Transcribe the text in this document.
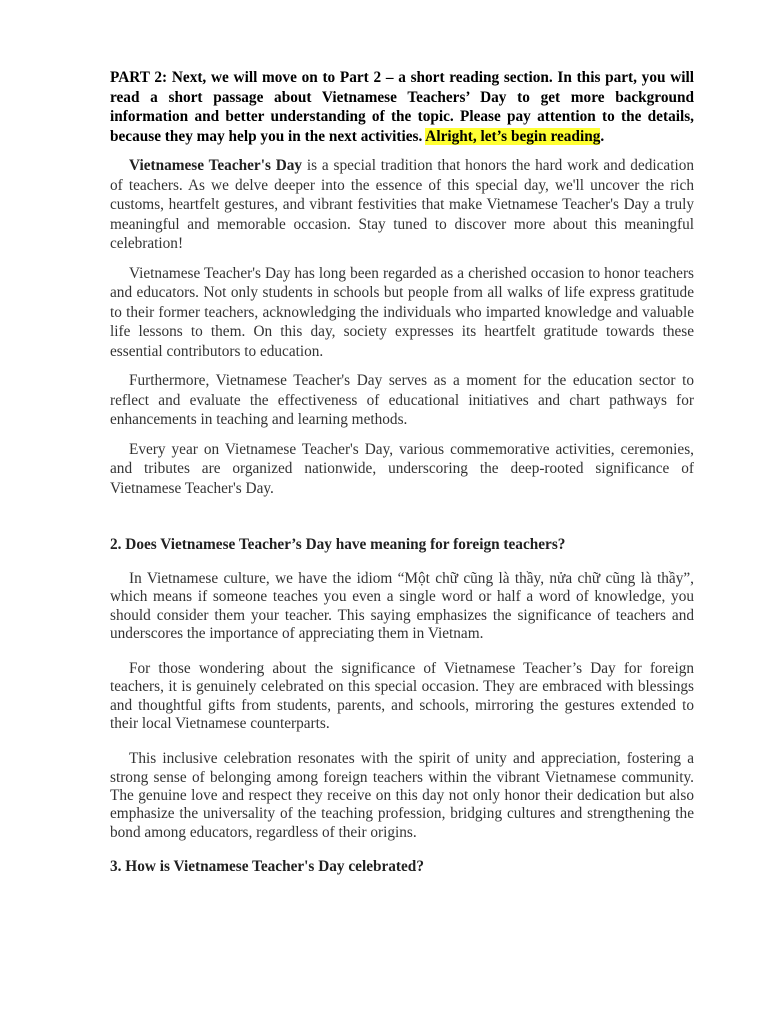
PART 2: Next, we will move on to Part 2 – a short reading section. In this part, you will read a short passage about Vietnamese Teachers’ Day to get more background information and better understanding of the topic. Please pay attention to the details, because they may help you in the next activities. Alright, let’s begin reading.

Vietnamese Teacher's Day is a special tradition that honors the hard work and dedication of teachers. As we delve deeper into the essence of this special day, we'll uncover the rich customs, heartfelt gestures, and vibrant festivities that make Vietnamese Teacher's Day a truly meaningful and memorable occasion. Stay tuned to discover more about this meaningful celebration!

Vietnamese Teacher's Day has long been regarded as a cherished occasion to honor teachers and educators. Not only students in schools but people from all walks of life express gratitude to their former teachers, acknowledging the individuals who imparted knowledge and valuable life lessons to them. On this day, society expresses its heartfelt gratitude towards these essential contributors to education.

Furthermore, Vietnamese Teacher's Day serves as a moment for the education sector to reflect and evaluate the effectiveness of educational initiatives and chart pathways for enhancements in teaching and learning methods.

Every year on Vietnamese Teacher's Day, various commemorative activities, ceremonies, and tributes are organized nationwide, underscoring the deep-rooted significance of Vietnamese Teacher's Day.

2. Does Vietnamese Teacher’s Day have meaning for foreign teachers?

In Vietnamese culture, we have the idiom “Một chữ cũng là thầy, nửa chữ cũng là thầy”, which means if someone teaches you even a single word or half a word of knowledge, you should consider them your teacher. This saying emphasizes the significance of teachers and underscores the importance of appreciating them in Vietnam.

For those wondering about the significance of Vietnamese Teacher’s Day for foreign teachers, it is genuinely celebrated on this special occasion. They are embraced with blessings and thoughtful gifts from students, parents, and schools, mirroring the gestures extended to their local Vietnamese counterparts.

This inclusive celebration resonates with the spirit of unity and appreciation, fostering a strong sense of belonging among foreign teachers within the vibrant Vietnamese community. The genuine love and respect they receive on this day not only honor their dedication but also emphasize the universality of the teaching profession, bridging cultures and strengthening the bond among educators, regardless of their origins.

3. How is Vietnamese Teacher's Day celebrated?
